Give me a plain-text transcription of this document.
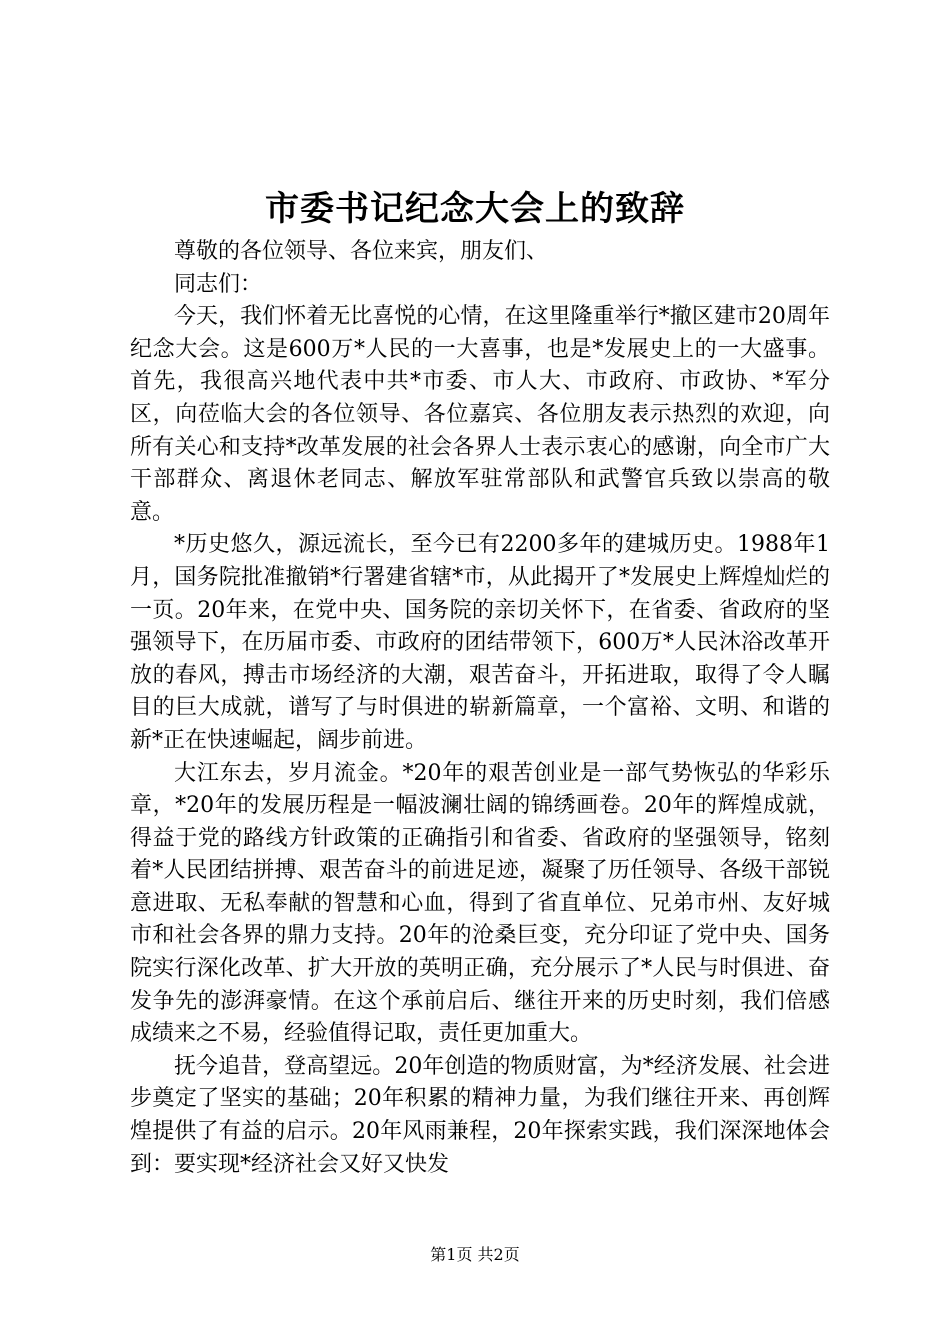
市委书记纪念大会上的致辞

尊敬的各位领导、各位来宾，朋友们、

同志们：

今天，我们怀着无比喜悦的心情，在这里隆重举行*撤区建市20周年纪念大会。这是600万*人民的一大喜事，也是*发展史上的一大盛事。首先，我很高兴地代表中共*市委、市人大、市政府、市政协、*军分区，向莅临大会的各位领导、各位嘉宾、各位朋友表示热烈的欢迎，向所有关心和支持*改革发展的社会各界人士表示衷心的感谢，向全市广大干部群众、离退休老同志、解放军驻常部队和武警官兵致以崇高的敬意。

*历史悠久，源远流长，至今已有2200多年的建城历史。1988年1月，国务院批准撤销*行署建省辖*市，从此揭开了*发展史上辉煌灿烂的一页。20年来，在党中央、国务院的亲切关怀下，在省委、省政府的坚强领导下，在历届市委、市政府的团结带领下，600万*人民沐浴改革开放的春风，搏击市场经济的大潮，艰苦奋斗，开拓进取，取得了令人瞩目的巨大成就，谱写了与时俱进的崭新篇章，一个富裕、文明、和谐的新*正在快速崛起，阔步前进。

大江东去，岁月流金。*20年的艰苦创业是一部气势恢弘的华彩乐章，*20年的发展历程是一幅波澜壮阔的锦绣画卷。20年的辉煌成就，得益于党的路线方针政策的正确指引和省委、省政府的坚强领导，铭刻着*人民团结拼搏、艰苦奋斗的前进足迹，凝聚了历任领导、各级干部锐意进取、无私奉献的智慧和心血，得到了省直单位、兄弟市州、友好城市和社会各界的鼎力支持。20年的沧桑巨变，充分印证了党中央、国务院实行深化改革、扩大开放的英明正确，充分展示了*人民与时俱进、奋发争先的澎湃豪情。在这个承前启后、继往开来的历史时刻，我们倍感成绩来之不易，经验值得记取，责任更加重大。

抚今追昔，登高望远。20年创造的物质财富，为*经济发展、社会进步奠定了坚实的基础；20年积累的精神力量，为我们继往开来、再创辉煌提供了有益的启示。20年风雨兼程，20年探索实践，我们深深地体会到：要实现*经济社会又好又快发

第1页 共2页
